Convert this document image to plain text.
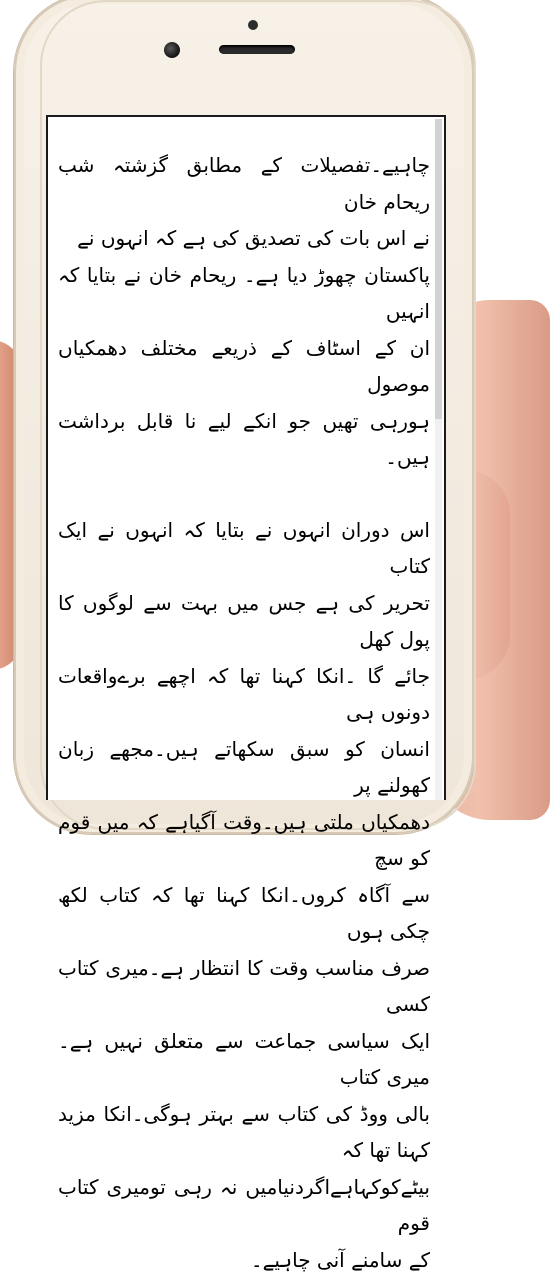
چاہیے۔تفصیلات کے مطابق گزشتہ شب ریحام خان
نے اس بات کی تصدیق کی ہے کہ انہوں نے
پاکستان چھوڑ دیا ہے۔ ریحام خان نے بتایا کہ انہیں
ان کے اسٹاف کے ذریعے مختلف دھمکیاں موصول
ہورہی تھیں جو انکے لیے نا قابل برداشت ہیں۔

اس دوران انہوں نے بتایا کہ انہوں نے ایک کتاب
تحریر کی ہے جس میں بہت سے لوگوں کا پول کھل
جائے گا ۔انکا کہنا تھا کہ اچھے برےواقعات دونوں ہی
انسان کو سبق سکھاتے ہیں۔مجھے زبان کھولنے پر
دھمکیاں ملتی ہیں۔وقت آگیاہے کہ میں قوم کو سچ
سے آگاہ کروں۔انکا کہنا تھا کہ کتاب لکھ چکی ہوں
صرف مناسب وقت کا انتظار ہے۔میری کتاب کسی
ایک سیاسی جماعت سے متعلق نہیں ہے۔میری کتاب
بالی ووڈ کی کتاب سے بہتر ہوگی۔انکا مزید کہنا تھا کہ
بیٹےکوکہاہےاگردنیامیں نہ رہی تومیری کتاب قوم
کے سامنے آنی چاہیے۔
